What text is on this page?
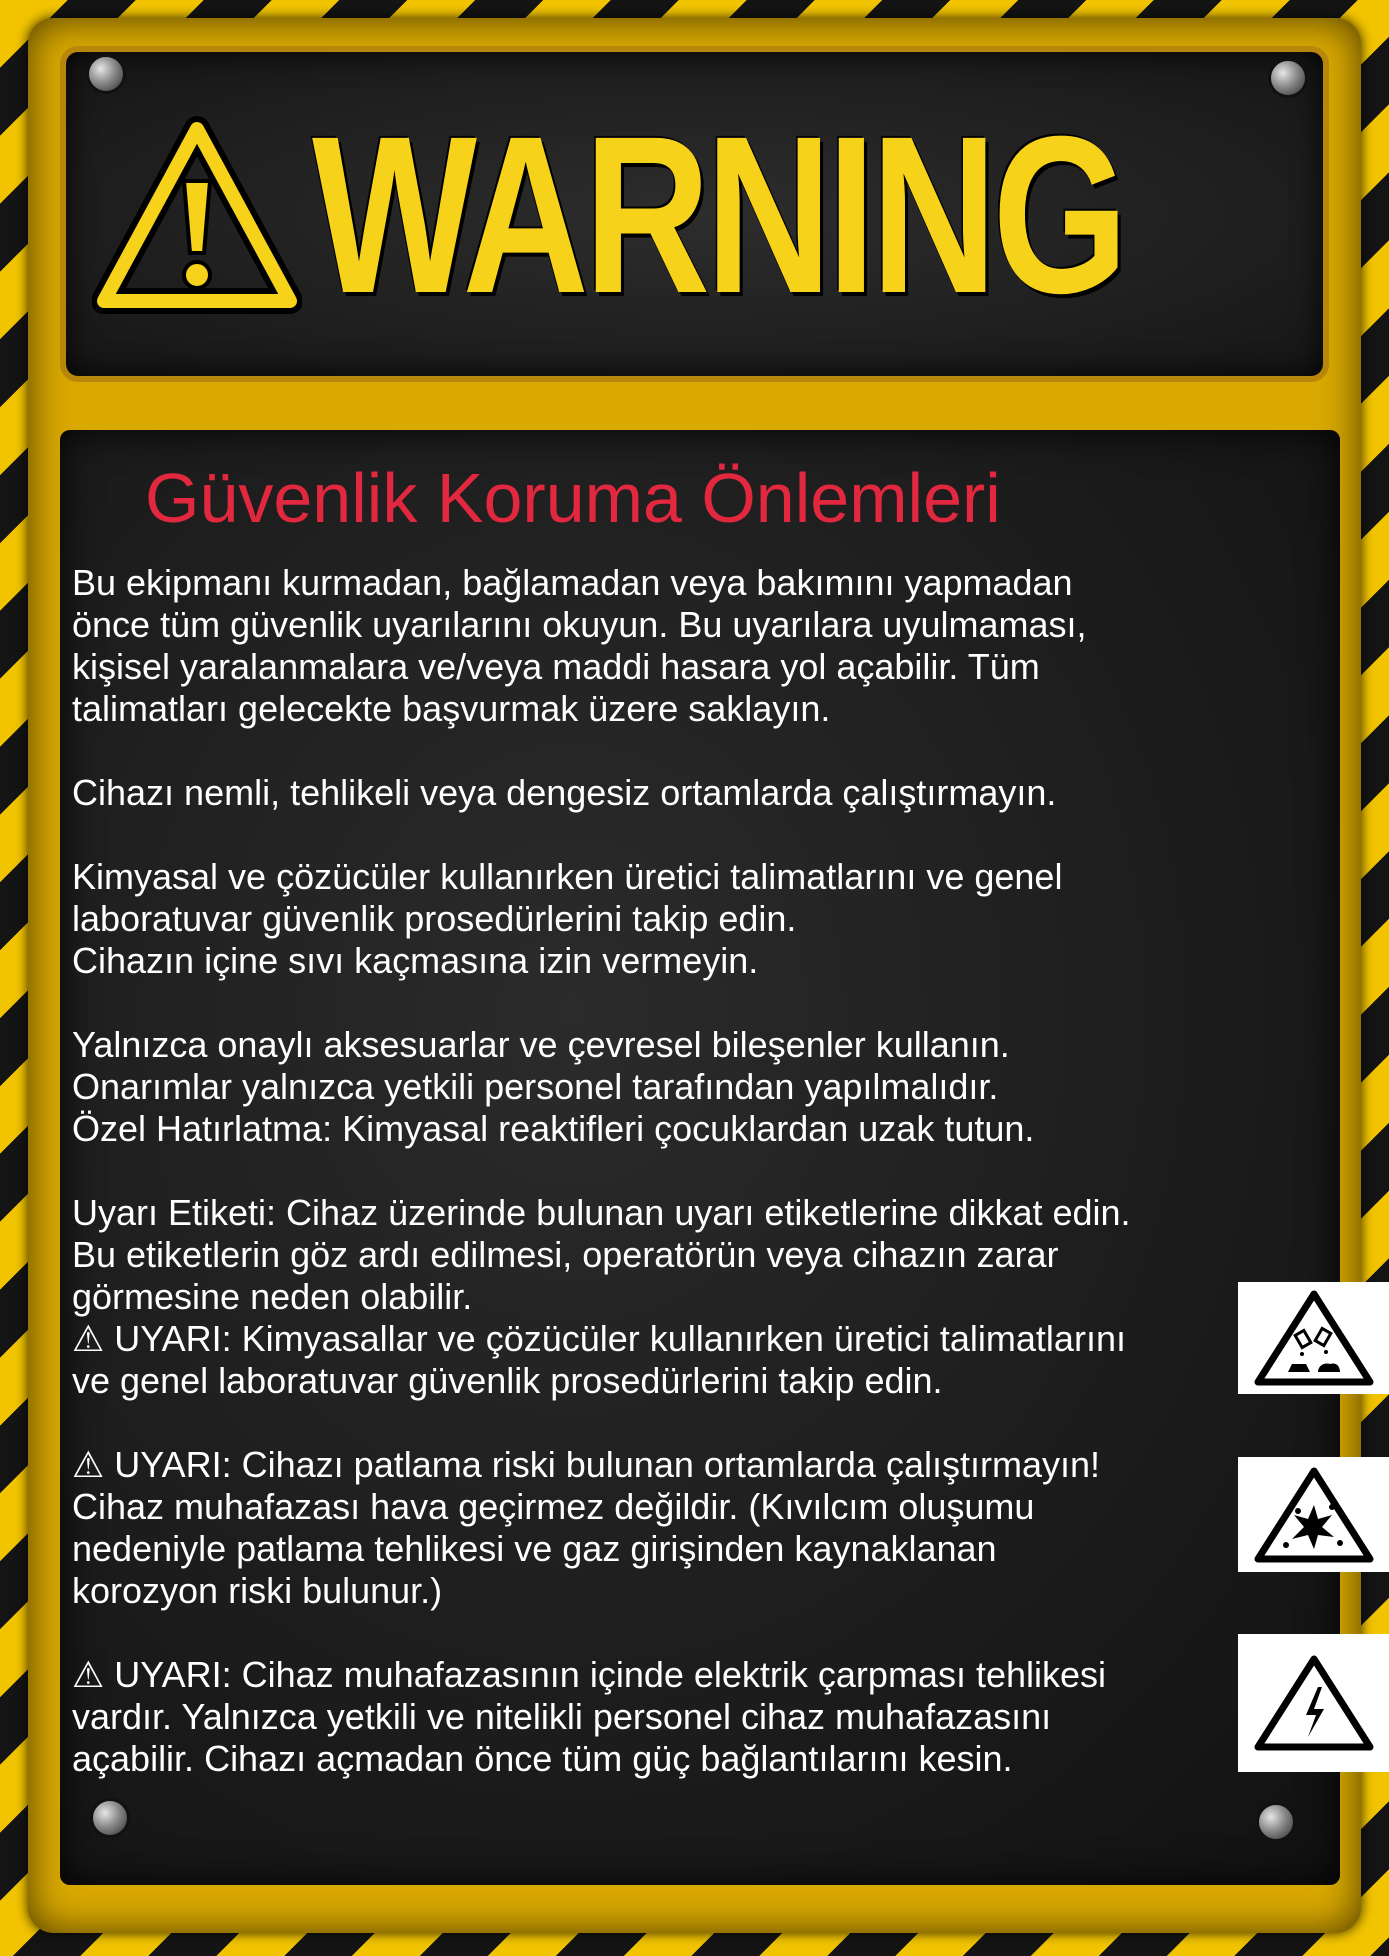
WARNING
Güvenlik Koruma Önlemleri

Bu ekipmanı kurmadan, bağlamadan veya bakımını yapmadan
önce tüm güvenlik uyarılarını okuyun. Bu uyarılara uyulmaması,
kişisel yaralanmalara ve/veya maddi hasara yol açabilir. Tüm
talimatları gelecekte başvurmak üzere saklayın.

Cihazı nemli, tehlikeli veya dengesiz ortamlarda çalıştırmayın.

Kimyasal ve çözücüler kullanırken üretici talimatlarını ve genel
laboratuvar güvenlik prosedürlerini takip edin.
Cihazın içine sıvı kaçmasına izin vermeyin.

Yalnızca onaylı aksesuarlar ve çevresel bileşenler kullanın.
Onarımlar yalnızca yetkili personel tarafından yapılmalıdır.
Özel Hatırlatma: Kimyasal reaktifleri çocuklardan uzak tutun.

Uyarı Etiketi: Cihaz üzerinde bulunan uyarı etiketlerine dikkat edin.
Bu etiketlerin göz ardı edilmesi, operatörün veya cihazın zarar
görmesine neden olabilir.
⚠ UYARI: Kimyasallar ve çözücüler kullanırken üretici talimatlarını
ve genel laboratuvar güvenlik prosedürlerini takip edin.

⚠ UYARI: Cihazı patlama riski bulunan ortamlarda çalıştırmayın!
Cihaz muhafazası hava geçirmez değildir. (Kıvılcım oluşumu
nedeniyle patlama tehlikesi ve gaz girişinden kaynaklanan
korozyon riski bulunur.)

⚠ UYARI: Cihaz muhafazasının içinde elektrik çarpması tehlikesi
vardır. Yalnızca yetkili ve nitelikli personel cihaz muhafazasını
açabilir. Cihazı açmadan önce tüm güç bağlantılarını kesin.
